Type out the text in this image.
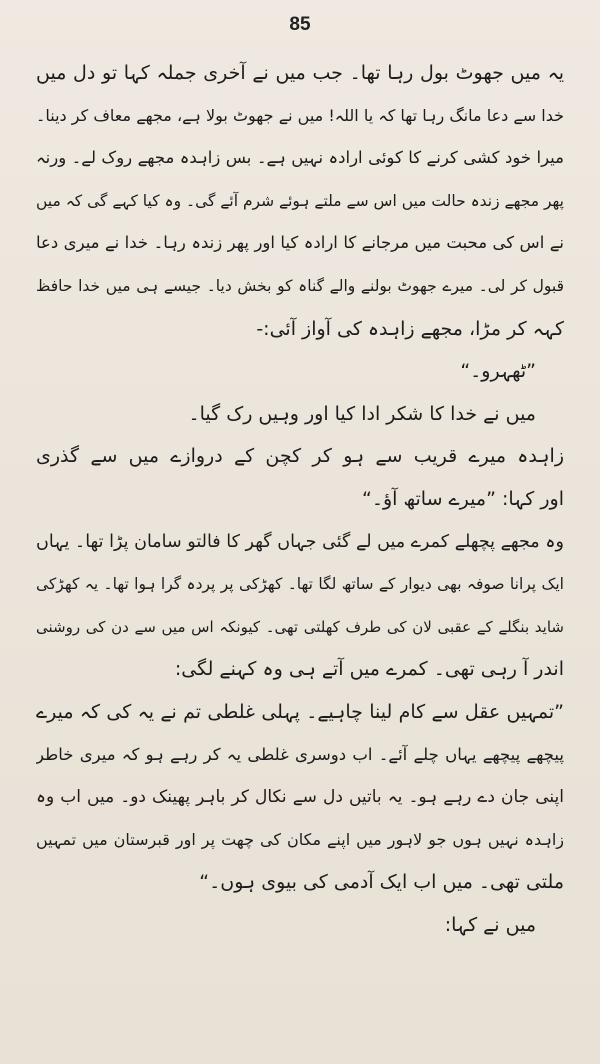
85
یہ میں جھوٹ بول رہا تھا۔ جب میں نے آخری جملہ کہا تو دل میں
خدا سے دعا مانگ رہا تھا کہ یا اللہ! میں نے جھوٹ بولا ہے، مجھے معاف کر دینا۔
میرا خود کشی کرنے کا کوئی ارادہ نہیں ہے۔ بس زاہدہ مجھے روک لے۔ ورنہ
پھر مجھے زندہ حالت میں اس سے ملتے ہوئے شرم آئے گی۔ وہ کیا کہے گی کہ میں
نے اس کی محبت میں مرجانے کا ارادہ کیا اور پھر زندہ رہا۔ خدا نے میری دعا
قبول کر لی۔ میرے جھوٹ بولنے والے گناہ کو بخش دیا۔ جیسے ہی میں خدا حافظ
کہہ کر مڑا، مجھے زاہدہ کی آواز آئی:-
”ٹھہرو۔“
میں نے خدا کا شکر ادا کیا اور وہیں رک گیا۔
زاہدہ میرے قریب سے ہو کر کچن کے دروازے میں سے گذری
اور کہا: ”میرے ساتھ آؤ۔“
وہ مجھے پچھلے کمرے میں لے گئی جہاں گھر کا فالتو سامان پڑا تھا۔ یہاں
ایک پرانا صوفہ بھی دیوار کے ساتھ لگا تھا۔ کھڑکی پر پردہ گرا ہوا تھا۔ یہ کھڑکی
شاید بنگلے کے عقبی لان کی طرف کھلتی تھی۔ کیونکہ اس میں سے دن کی روشنی
اندر آ رہی تھی۔ کمرے میں آتے ہی وہ کہنے لگی:
”تمہیں عقل سے کام لینا چاہیے۔ پہلی غلطی تم نے یہ کی کہ میرے
پیچھے پیچھے یہاں چلے آئے۔ اب دوسری غلطی یہ کر رہے ہو کہ میری خاطر
اپنی جان دے رہے ہو۔ یہ باتیں دل سے نکال کر باہر پھینک دو۔ میں اب وہ
زاہدہ نہیں ہوں جو لاہور میں اپنے مکان کی چھت پر اور قبرستان میں تمہیں
ملتی تھی۔ میں اب ایک آدمی کی بیوی ہوں۔“
میں نے کہا:
